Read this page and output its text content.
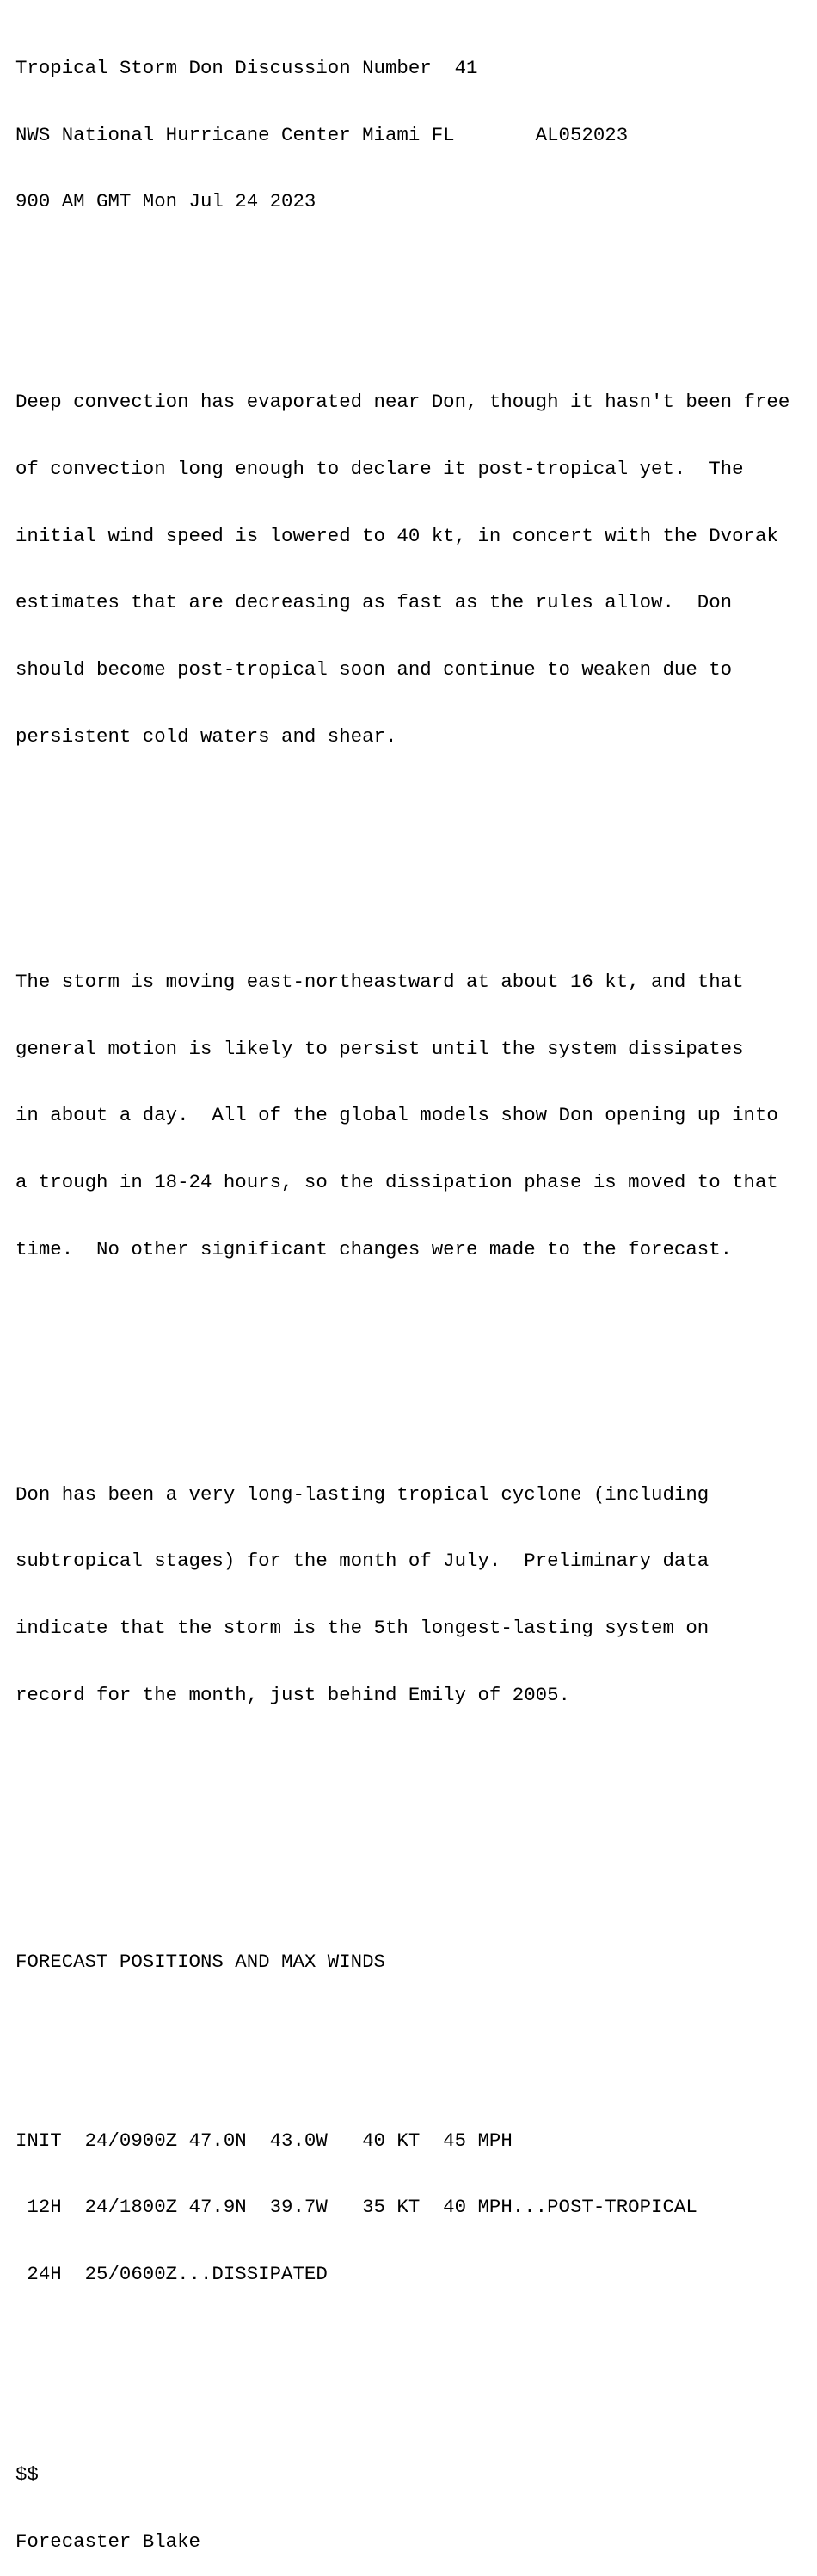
Tropical Storm Don Discussion Number  41

NWS National Hurricane Center Miami FL       AL052023

900 AM GMT Mon Jul 24 2023

Deep convection has evaporated near Don, though it hasn't been free

of convection long enough to declare it post-tropical yet.  The

initial wind speed is lowered to 40 kt, in concert with the Dvorak

estimates that are decreasing as fast as the rules allow.  Don

should become post-tropical soon and continue to weaken due to

persistent cold waters and shear.

The storm is moving east-northeastward at about 16 kt, and that

general motion is likely to persist until the system dissipates

in about a day.  All of the global models show Don opening up into

a trough in 18-24 hours, so the dissipation phase is moved to that

time.  No other significant changes were made to the forecast.

Don has been a very long-lasting tropical cyclone (including

subtropical stages) for the month of July.  Preliminary data

indicate that the storm is the 5th longest-lasting system on

record for the month, just behind Emily of 2005.

FORECAST POSITIONS AND MAX WINDS

INIT  24/0900Z 47.0N  43.0W   40 KT  45 MPH

12H  24/1800Z 47.9N  39.7W   35 KT  40 MPH...POST-TROPICAL

24H  25/0600Z...DISSIPATED

$$

Forecaster Blake
